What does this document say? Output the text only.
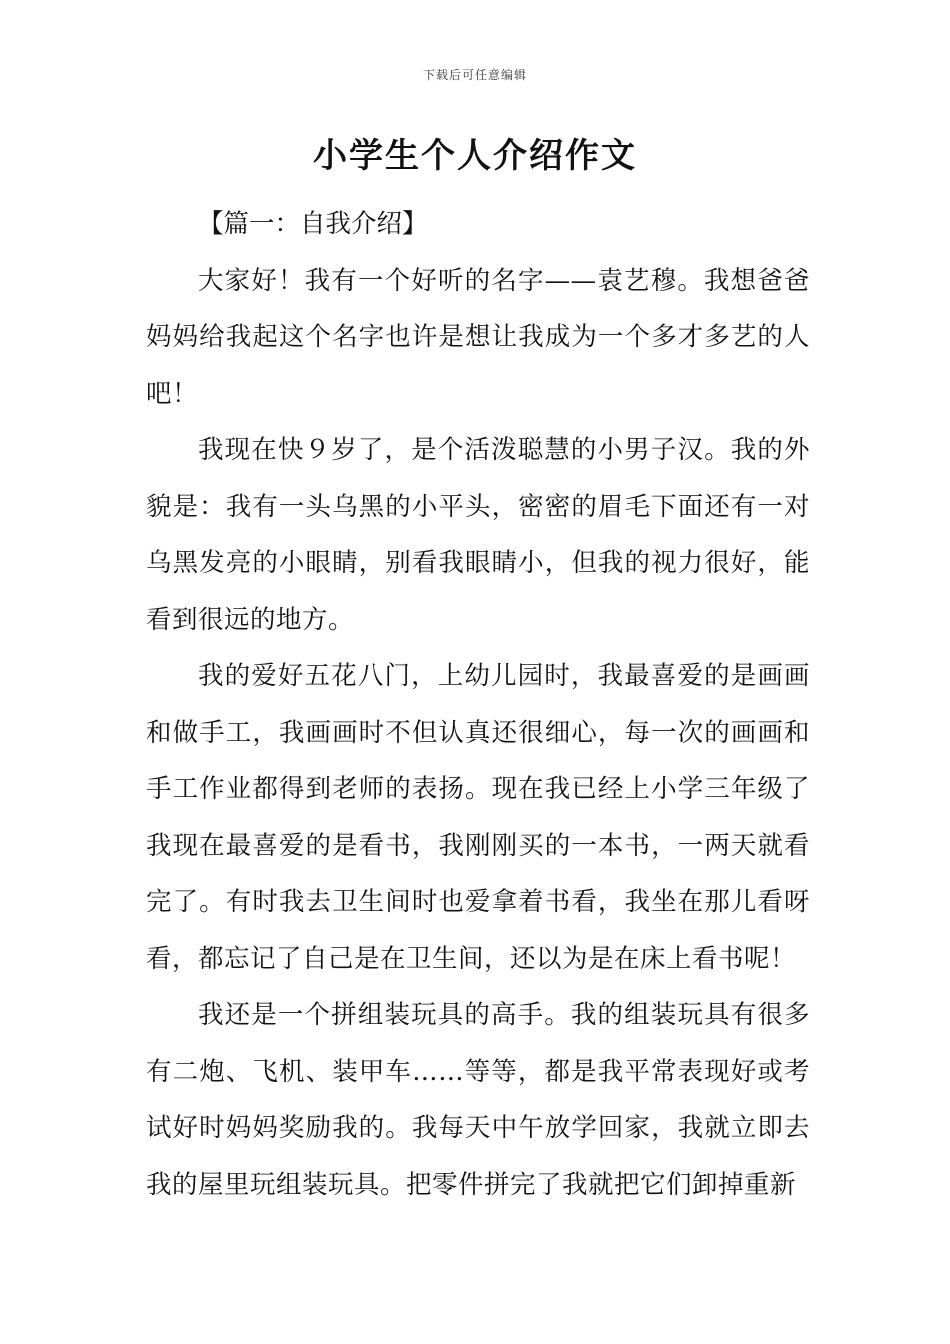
下载后可任意编辑
小学生个人介绍作文

【篇一：自我介绍】

大家好！我有一个好听的名字——袁艺穆。我想爸爸妈妈给我起这个名字也许是想让我成为一个多才多艺的人吧！

我现在快９岁了，是个活泼聪慧的小男子汉。我的外貌是：我有一头乌黑的小平头，密密的眉毛下面还有一对乌黑发亮的小眼睛，别看我眼睛小，但我的视力很好，能看到很远的地方。

我的爱好五花八门，上幼儿园时，我最喜爱的是画画和做手工，我画画时不但认真还很细心，每一次的画画和手工作业都得到老师的表扬。现在我已经上小学三年级了我现在最喜爱的是看书，我刚刚买的一本书，一两天就看完了。有时我去卫生间时也爱拿着书看，我坐在那儿看呀看，都忘记了自己是在卫生间，还以为是在床上看书呢！

我还是一个拼组装玩具的高手。我的组装玩具有很多有二炮、飞机、装甲车……等等，都是我平常表现好或考试好时妈妈奖励我的。我每天中午放学回家，我就立即去我的屋里玩组装玩具。把零件拼完了我就把它们卸掉重新
